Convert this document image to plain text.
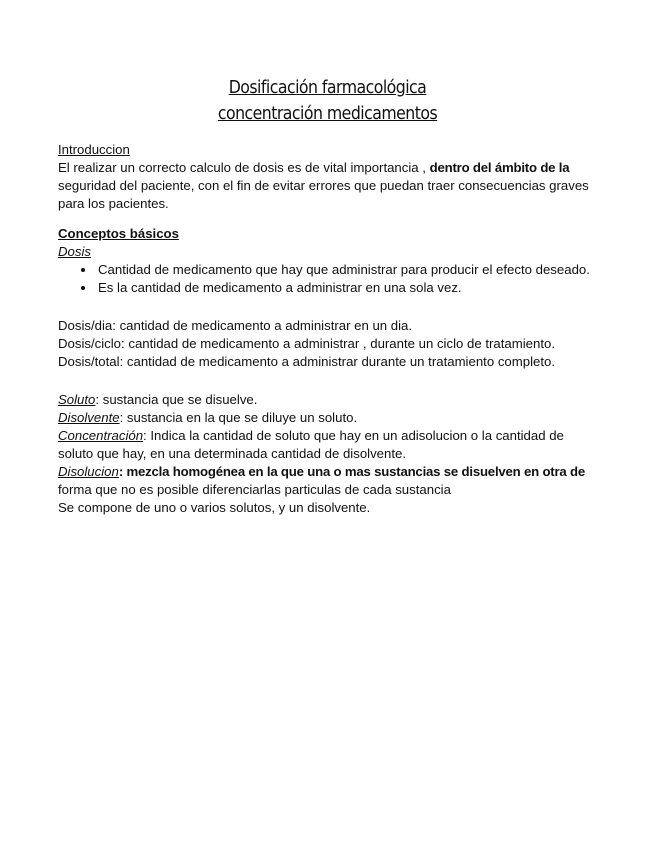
Dosificación farmacológica
concentración medicamentos

Introduccion

El realizar un correcto calculo de dosis es de vital importancia , dentro del ámbito de la seguridad del paciente, con el fin de evitar errores que puedan traer consecuencias graves para los pacientes.

Conceptos básicos

Dosis

• Cantidad de medicamento que hay que administrar para producir el efecto deseado.
• Es la cantidad de medicamento a administrar en una sola vez.

Dosis/dia: cantidad de medicamento a administrar en un dia.

Dosis/ciclo: cantidad de medicamento a administrar , durante un ciclo de tratamiento.

Dosis/total: cantidad de medicamento a administrar durante un tratamiento completo.

Soluto: sustancia que se disuelve.

Disolvente: sustancia en la que se diluye un soluto.

Concentración: Indica la cantidad de soluto que hay en un adisolucion o la cantidad de soluto que hay, en una determinada cantidad de disolvente.

Disolucion: mezcla homogénea en la que una o mas sustancias se disuelven en otra de forma que no es posible diferenciarlas particulas de cada sustancia

Se compone de uno o varios solutos, y un disolvente.
